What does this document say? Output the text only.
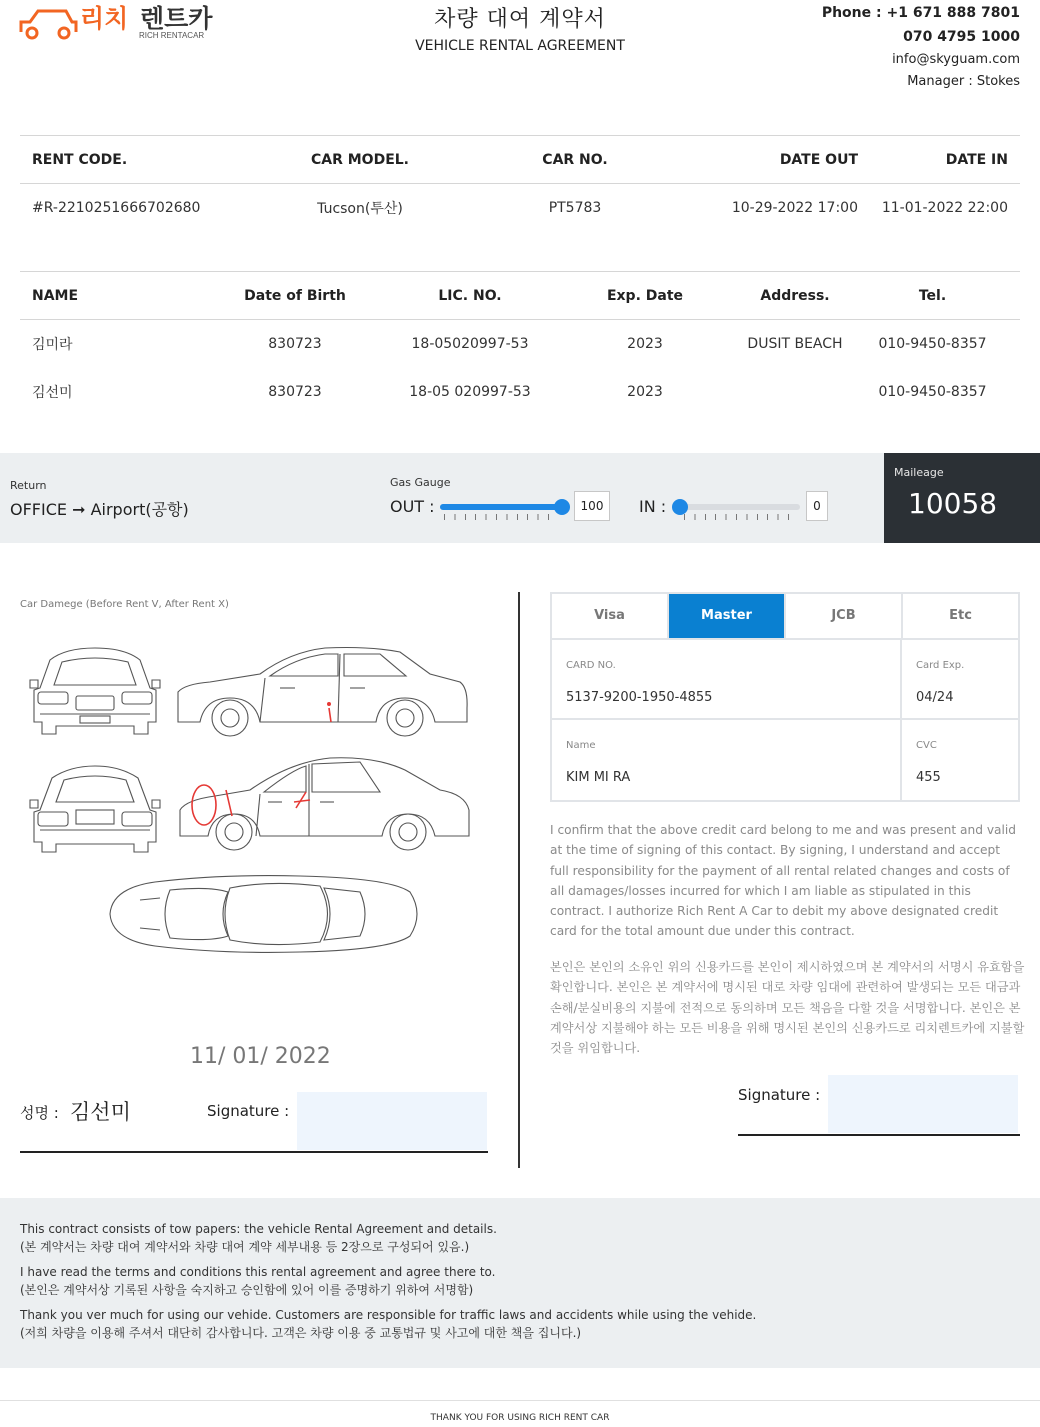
리치 렌트카
RICH RENTACAR
차량 대여 계약서
VEHICLE RENTAL AGREEMENT
Phone : +1 671 888 7801
070 4795 1000
info@skyguam.com
Manager : Stokes
RENT CODE.	CAR MODEL.	CAR NO.	DATE OUT	DATE IN
#R-2210251666702680	Tucson(투산)	PT5783	10-29-2022 17:00	11-01-2022 22:00
NAME	Date of Birth	LIC. NO.	Exp. Date	Address.	Tel.
김미라	830723	18-05020997-53	2023	DUSIT BEACH	010-9450-8357
김선미	830723	18-05 020997-53	2023		010-9450-8357
Return
OFFICE ➞ Airport(공항)
Gas Gauge
OUT :	100	IN :	0
Maileage
10058
Car Damege (Before Rent V, After Rent X)
11/ 01/ 2022
성명 : 김선미	Signature :
Visa	Master	JCB	Etc
CARD NO.
5137-9200-1950-4855
Card Exp.
04/24
Name
KIM MI RA
CVC
455
I confirm that the above credit card belong to me and was present and valid at the time of signing of this contact. By signing, I understand and accept full responsibility for the payment of all rental related changes and costs of all damages/losses incurred for which I am liable as stipulated in this contract. I authorize Rich Rent A Car to debit my above designated credit card for the total amount due under this contract.
본인은 본인의 소유인 위의 신용카드를 본인이 제시하였으며 본 계약서의 서명시 유효함을 확인합니다. 본인은 본 계약서에 명시된 대로 차량 임대에 관련하여 발생되는 모든 대금과 손해/분실비용의 지불에 전적으로 동의하며 모든 책음을 다할 것을 서명합니다. 본인은 본 계약서상 지불해야 하는 모든 비용을 위해 명시된 본인의 신용카드로 리치렌트카에 지불할 것을 위임합니다.
Signature :

This contract consists of tow papers: the vehicle Rental Agreement and details.

(본 계약서는 차량 대여 계약서와 차량 대여 계약 세부내용 등 2장으로 구성되어 있음.)

I have read the terms and conditions this rental agreement and agree there to.

(본인은 계약서상 기록된 사항을 숙지하고 승인함에 있어 이를 증명하기 위하여 서명함)

Thank you ver much for using our vehide. Customers are responsible for traffic laws and accidents while using the vehide.

(저희 차량을 이용해 주셔서 대단히 감사합니다. 고객은 차량 이용 중 교통법규 및 사고에 대한 책을 집니다.)

THANK YOU FOR USING RICH RENT CAR
